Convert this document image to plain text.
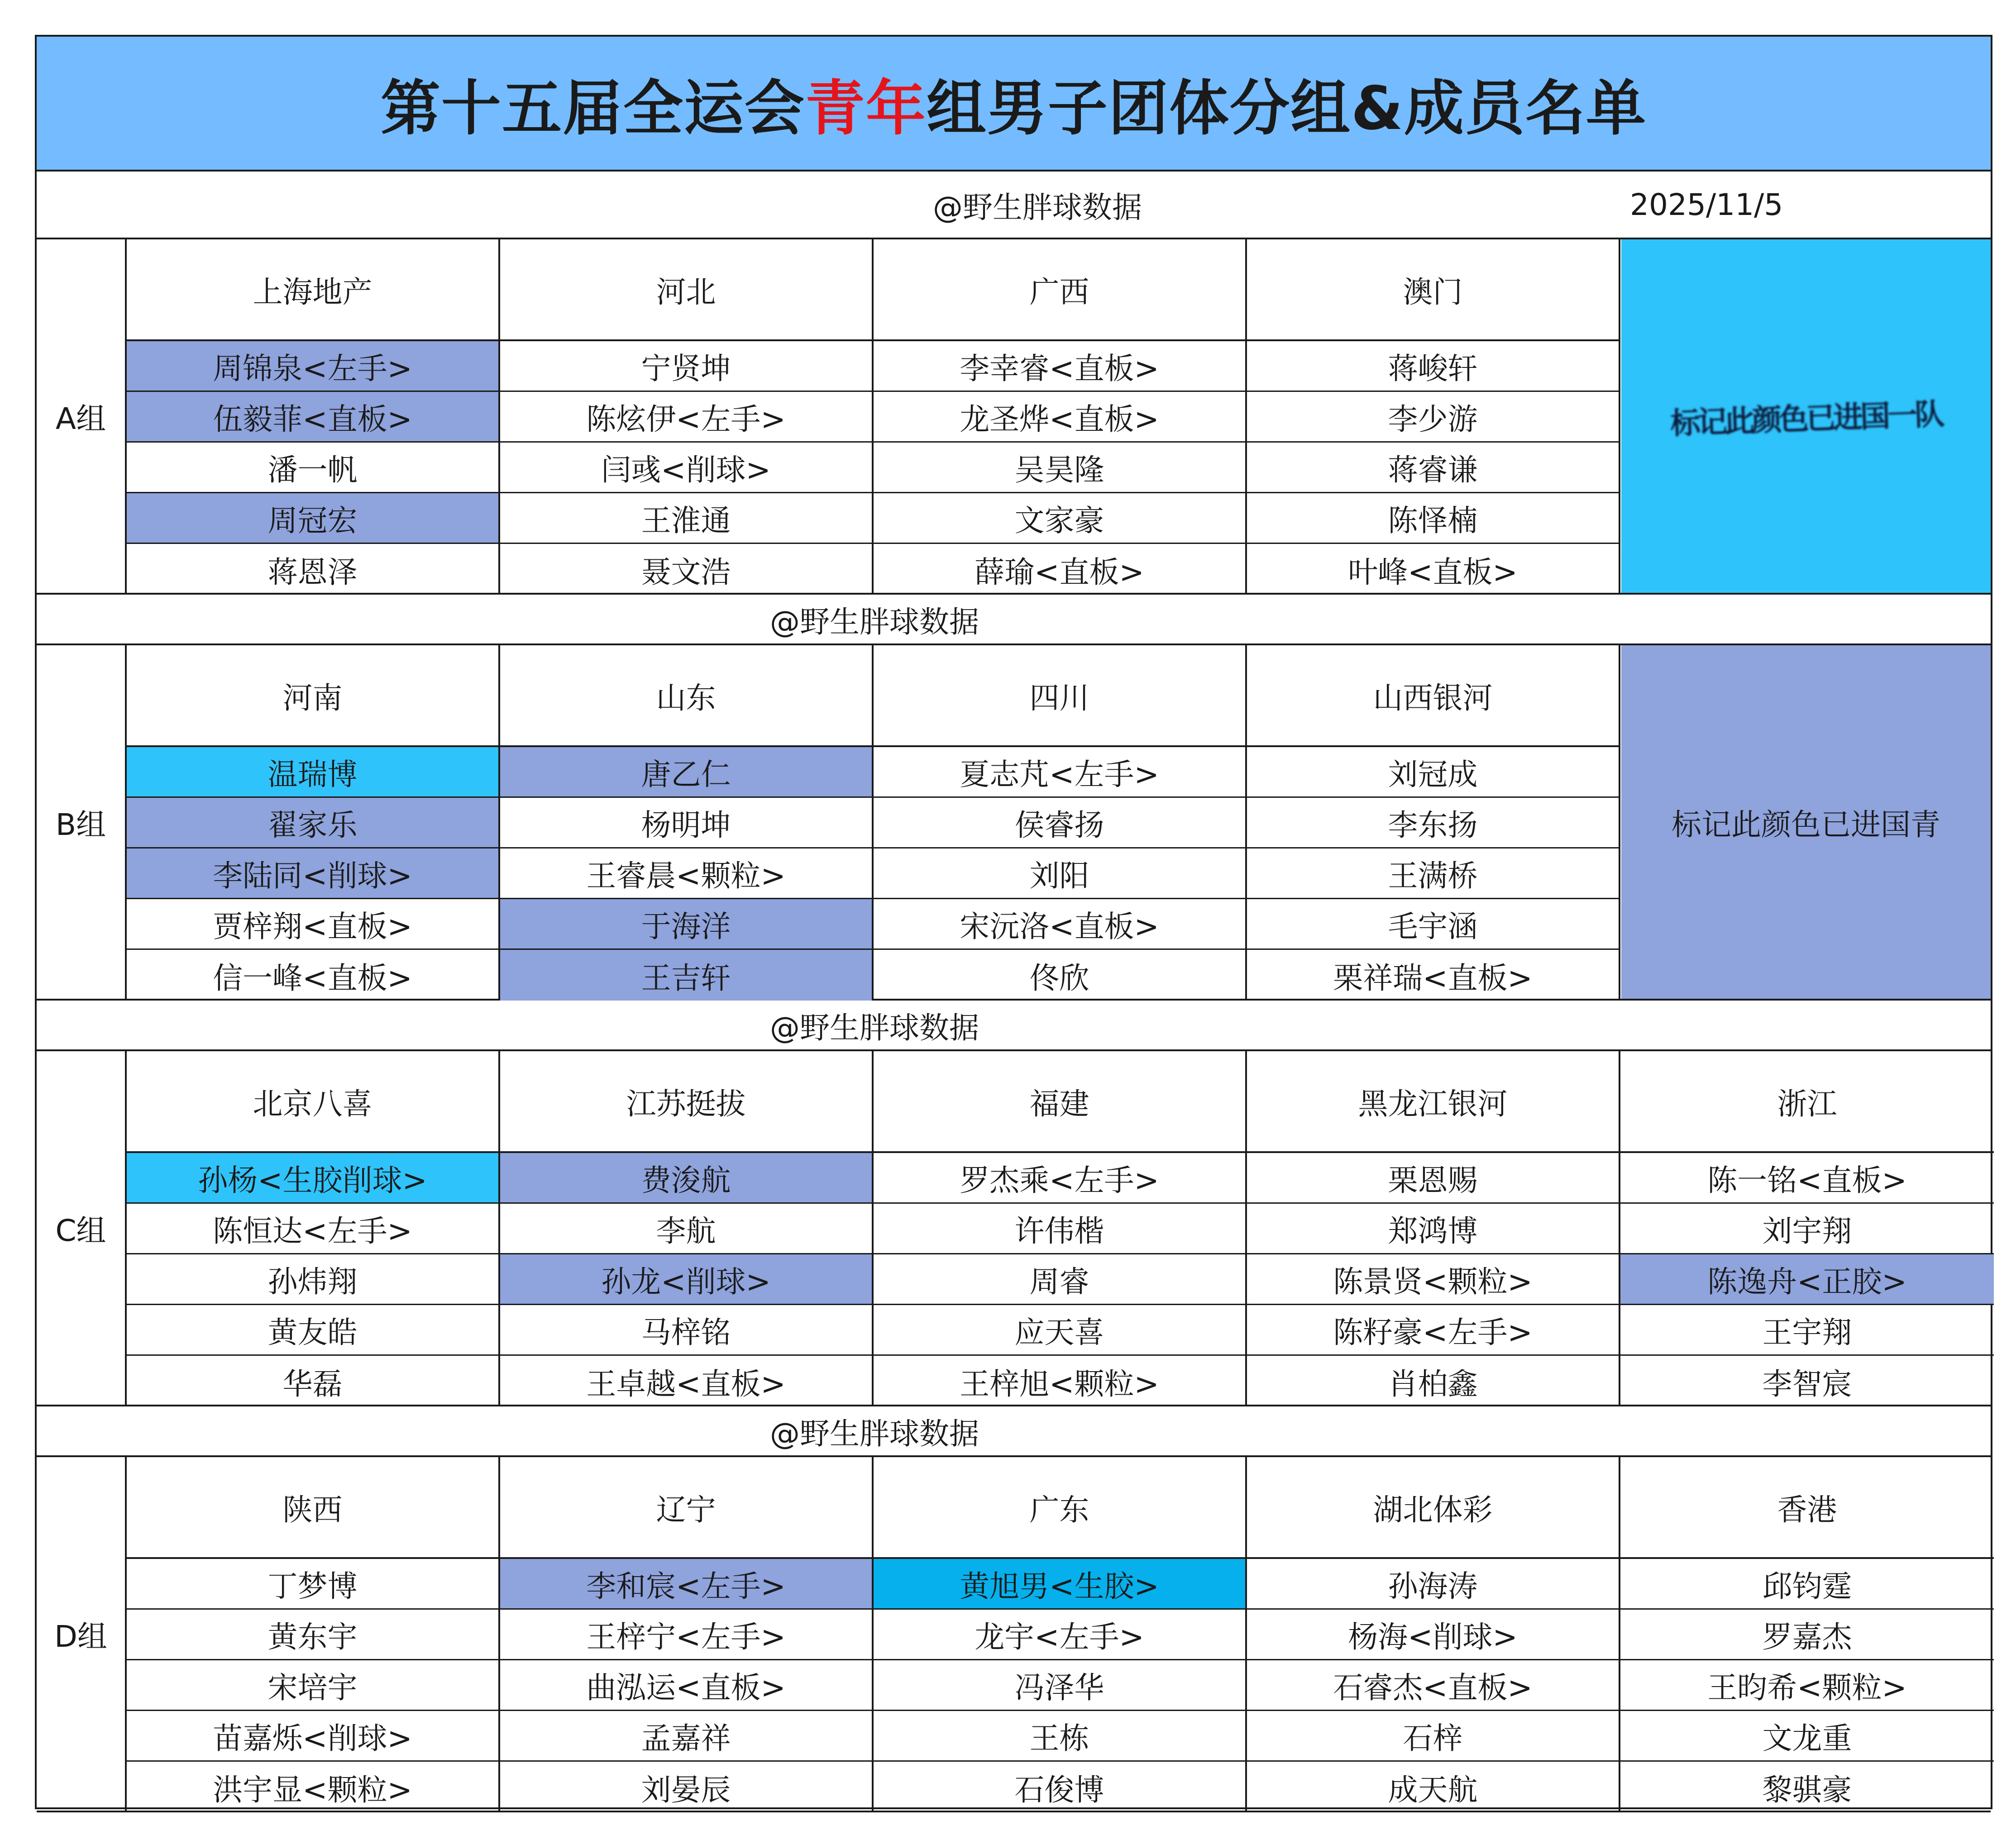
第十五届全运会 青年 组男子团体分组&成员名单
@野生胖球数据	2025/11/5
A组
上海地产
周锦泉<左手>
伍毅菲<直板>
潘一帆
周冠宏
蒋恩泽
河北
宁贤坤
陈炫伊<左手>
闫彧<削球>
王淮通
聂文浩
广西
李幸睿<直板>
龙圣烨<直板>
吴昊隆
文家豪
薛瑜<直板>
澳门
蒋峻轩
李少游
蒋睿谦
陈怿楠
叶峰<直板>
标记此颜色已进国一队
@野生胖球数据
B组
河南
温瑞博
翟家乐
李陆同<削球>
贾梓翔<直板>
信一峰<直板>
山东
唐乙仁
杨明坤
王睿晨<颗粒>
于海洋
王吉轩
四川
夏志芃<左手>
侯睿扬
刘阳
宋沅洛<直板>
佟欣
山西银河
刘冠成
李东扬
王满桥
毛宇涵
栗祥瑞<直板>
标记此颜色已进国青
@野生胖球数据
C组
北京八喜
孙杨<生胶削球>
陈恒达<左手>
孙炜翔
黄友皓
华磊
江苏挺拔
费浚航
李航
孙龙<削球>
马梓铭
王卓越<直板>
福建
罗杰乘<左手>
许伟楷
周睿
应天喜
王梓旭<颗粒>
黑龙江银河
栗恩赐
郑鸿博
陈景贤<颗粒>
陈籽豪<左手>
肖柏鑫
浙江
陈一铭<直板>
刘宇翔
陈逸舟<正胶>
王宇翔
李智宸
@野生胖球数据
D组
陕西
丁梦博
黄东宇
宋培宇
苗嘉烁<削球>
洪宇显<颗粒>
辽宁
李和宸<左手>
王梓宁<左手>
曲泓运<直板>
孟嘉祥
刘晏辰
广东
黄旭男<生胶>
龙宇<左手>
冯泽华
王栋
石俊博
湖北体彩
孙海涛
杨海<削球>
石睿杰<直板>
石梓
成天航
香港
邱钧霆
罗嘉杰
王昀希<颗粒>
文龙重
黎骐豪
